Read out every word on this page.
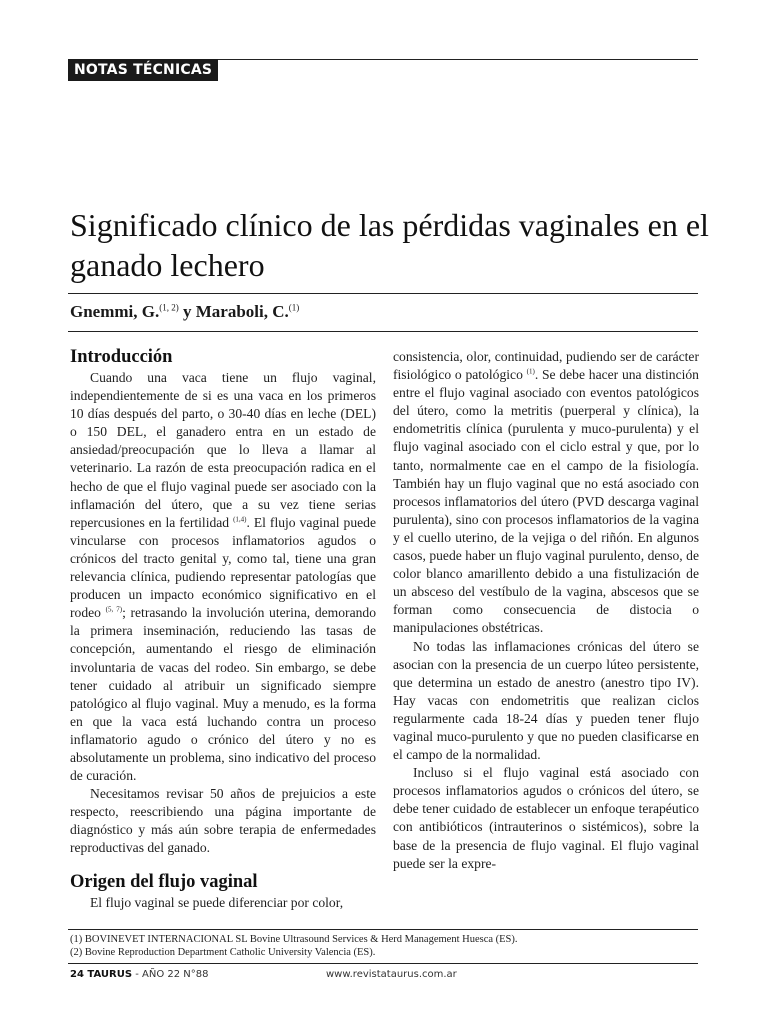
NOTAS TÉCNICAS
Significado clínico de las pérdidas vaginales en el ganado lechero
Gnemmi, G.$^{(1, 2)}$ y Maraboli, C.$^{(1)}$
Introducción

Cuando una vaca tiene un flujo vaginal, independientemente de si es una vaca en los primeros 10 días después del parto, o 30-40 días en leche (DEL) o 150 DEL, el ganadero entra en un estado de ansiedad/preocupación que lo lleva a llamar al veterinario. La razón de esta preocupación radica en el hecho de que el flujo vaginal puede ser asociado con la inflamación del útero, que a su vez tiene serias repercusiones en la fertilidad $^{(1,4)}$. El flujo vaginal puede vincularse con procesos inflamatorios agudos o crónicos del tracto genital y, como tal, tiene una gran relevancia clínica, pudiendo representar patologías que producen un impacto económico significativo en el rodeo $^{(5, 7)}$; retrasando la involución uterina, demorando la primera inseminación, reduciendo las tasas de concepción, aumentando el riesgo de eliminación involuntaria de vacas del rodeo. Sin embargo, se debe tener cuidado al atribuir un significado siempre patológico al flujo vaginal. Muy a menudo, es la forma en que la vaca está luchando contra un proceso inflamatorio agudo o crónico del útero y no es absolutamente un problema, sino indicativo del proceso de curación.

Necesitamos revisar 50 años de prejuicios a este respecto, reescribiendo una página importante de diagnóstico y más aún sobre terapia de enfermedades reproductivas del ganado.

Origen del flujo vaginal

El flujo vaginal se puede diferenciar por color,

consistencia, olor, continuidad, pudiendo ser de carácter fisiológico o patológico $^{(1)}$. Se debe hacer una distinción entre el flujo vaginal asociado con eventos patológicos del útero, como la metritis (puerperal y clínica), la endometritis clínica (purulenta y muco-purulenta) y el flujo vaginal asociado con el ciclo estral y que, por lo tanto, normalmente cae en el campo de la fisiología. También hay un flujo vaginal que no está asociado con procesos inflamatorios del útero (PVD descarga vaginal purulenta), sino con procesos inflamatorios de la vagina y el cuello uterino, de la vejiga o del riñón. En algunos casos, puede haber un flujo vaginal purulento, denso, de color blanco amarillento debido a una fistulización de un absceso del vestíbulo de la vagina, abscesos que se forman como consecuencia de distocia o manipulaciones obstétricas.

No todas las inflamaciones crónicas del útero se asocian con la presencia de un cuerpo lúteo persistente, que determina un estado de anestro (anestro tipo IV). Hay vacas con endometritis que realizan ciclos regularmente cada 18-24 días y pueden tener flujo vaginal muco-purulento y que no pueden clasificarse en el campo de la normalidad.

Incluso si el flujo vaginal está asociado con procesos inflamatorios agudos o crónicos del útero, se debe tener cuidado de establecer un enfoque terapéutico con antibióticos (intrauterinos o sistémicos), sobre la base de la presencia de flujo vaginal. El flujo vaginal puede ser la expre-

(1) BOVINEVET INTERNACIONAL SL Bovine Ultrasound Services & Herd Management Huesca (ES).
(2) Bovine Reproduction Department Catholic University Valencia (ES).
24 TAURUS - AÑO 22 N°88	www.revistataurus.com.ar
